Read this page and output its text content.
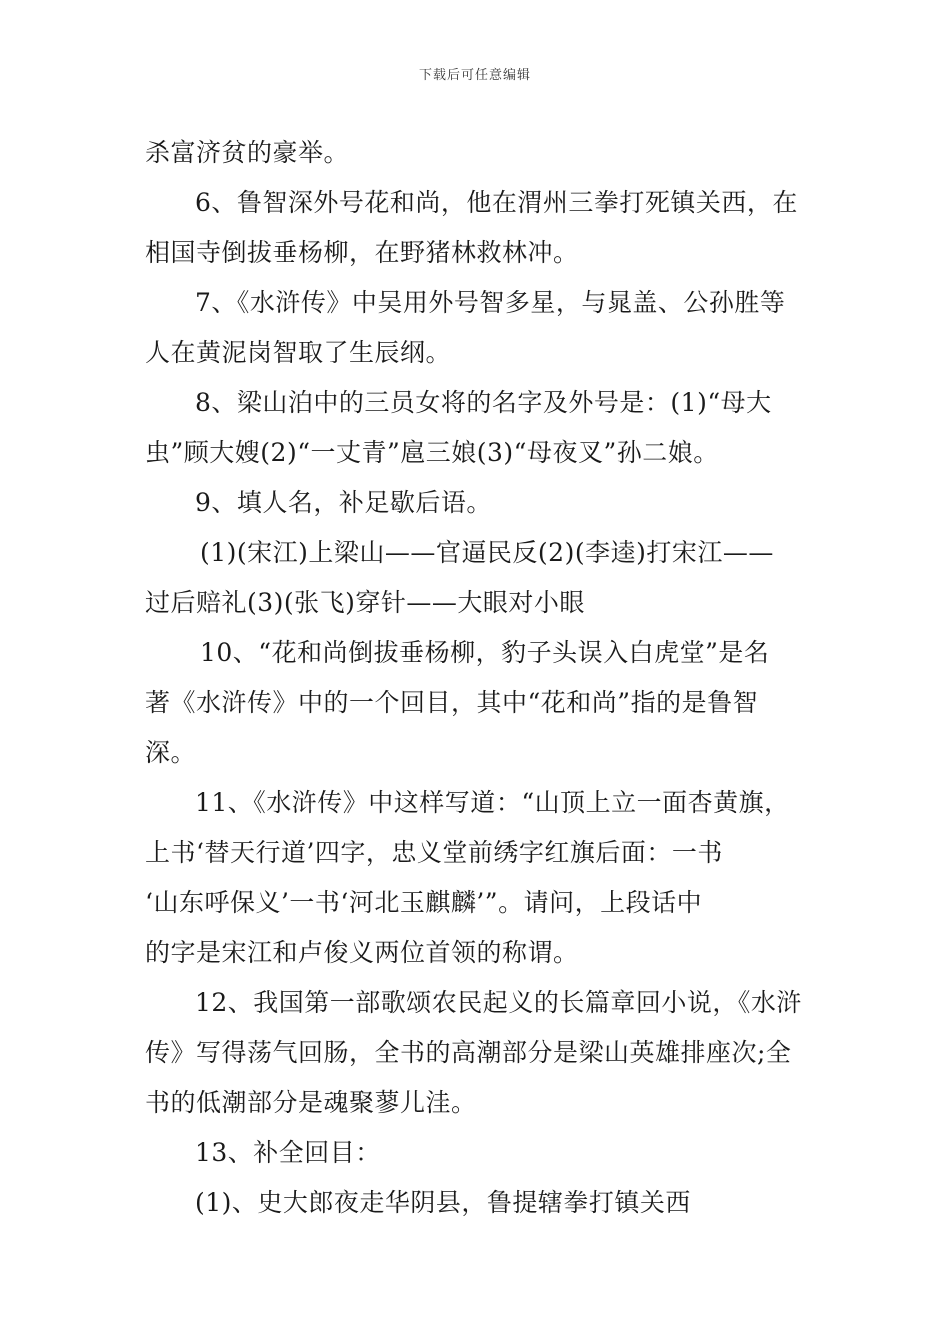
下载后可任意编辑
杀富济贫的豪举。
6、鲁智深外号花和尚，他在渭州三拳打死镇关西，在
相国寺倒拔垂杨柳，在野猪林救林冲。
7、《水浒传》中吴用外号智多星，与晁盖、公孙胜等
人在黄泥岗智取了生辰纲。
8、梁山泊中的三员女将的名字及外号是：(1)“母大
虫”顾大嫂(2)“一丈青”扈三娘(3)“母夜叉”孙二娘。
9、填人名，补足歇后语。
(1)(宋江)上梁山——官逼民反(2)(李逵)打宋江——
过后赔礼(3)(张飞)穿针——大眼对小眼
10、“花和尚倒拔垂杨柳，豹子头误入白虎堂”是名
著《水浒传》中的一个回目，其中“花和尚”指的是鲁智
深。
11、《水浒传》中这样写道：“山顶上立一面杏黄旗，
上书‘替天行道’四字，忠义堂前绣字红旗后面：一书
‘山东呼保义’一书‘河北玉麒麟’”。请问，上段话中
的字是宋江和卢俊义两位首领的称谓。
12、我国第一部歌颂农民起义的长篇章回小说，《水浒
传》写得荡气回肠，全书的高潮部分是梁山英雄排座次;全
书的低潮部分是魂聚蓼儿洼。
13、补全回目：
(1)、史大郎夜走华阴县，鲁提辖拳打镇关西
